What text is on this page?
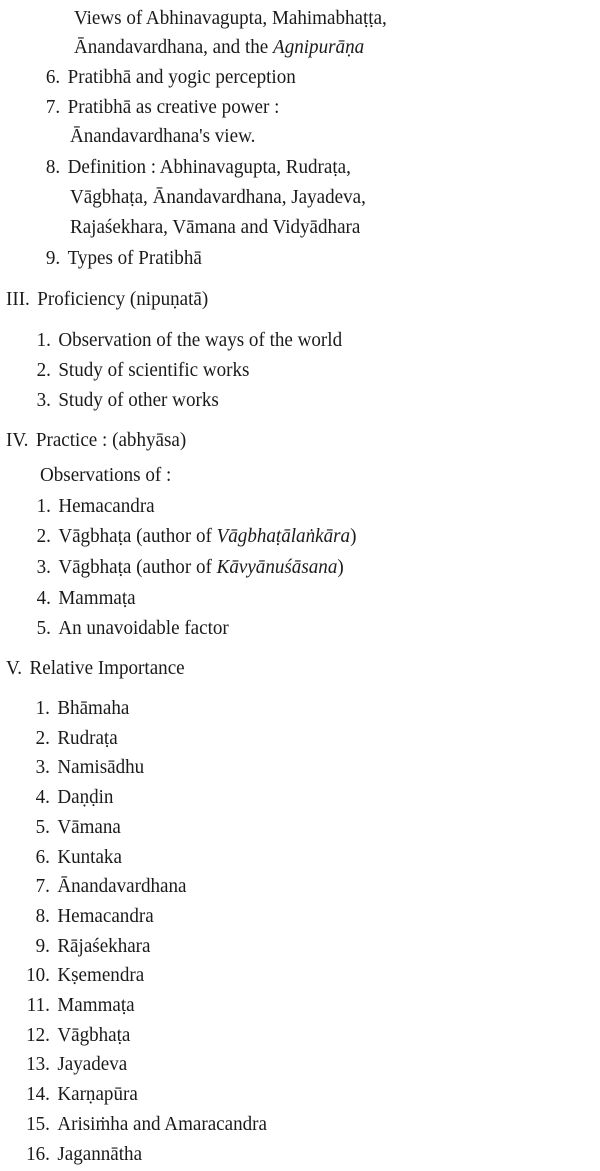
Views of Abhinavagupta, Mahimabhaṭṭa,
Ānandavardhana, and the Agnipurāṇa
6. Pratibhā and yogic perception
7. Pratibhā as creative power :
Ānandavardhana's view.
8. Definition : Abhinavagupta, Rudraṭa,
Vāgbhaṭa, Ānandavardhana, Jayadeva,
Rajaśekhara, Vāmana and Vidyādhara
9. Types of Pratibhā
III. Proficiency (nipuṇatā)
1. Observation of the ways of the world
2. Study of scientific works
3. Study of other works
IV. Practice : (abhyāsa)
Observations of :
1. Hemacandra
2. Vāgbhaṭa (author of Vāgbhaṭālaṅkāra)
3. Vāgbhaṭa (author of Kāvyānuśāsana)
4. Mammaṭa
5. An unavoidable factor
V. Relative Importance
1. Bhāmaha
2. Rudraṭa
3. Namisādhu
4. Daṇḍin
5. Vāmana
6. Kuntaka
7. Ānandavardhana
8. Hemacandra
9. Rājaśekhara
10. Kṣemendra
11. Mammaṭa
12. Vāgbhaṭa
13. Jayadeva
14. Karṇapūra
15. Arisiṁha and Amaracandra
16. Jagannātha
